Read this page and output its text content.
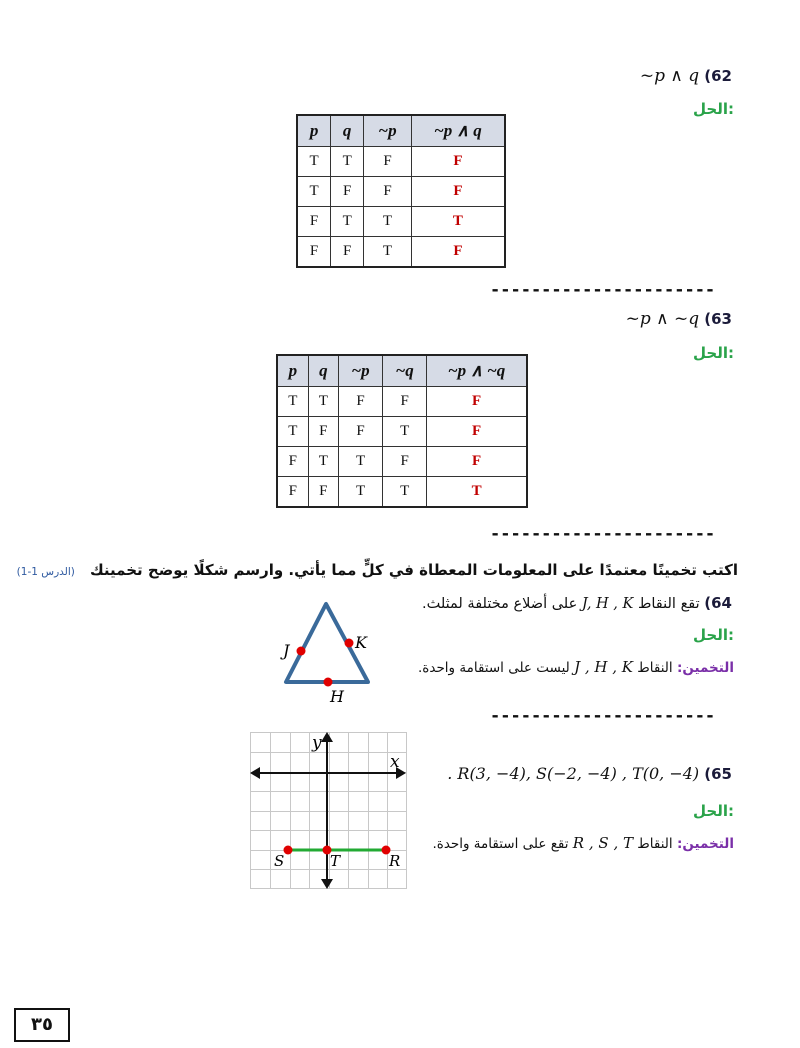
62) ~p ∧ q
الحل:
p	q	~p	~p ∧ q
T	T	F	F
T	F	F	F
F	T	T	T
F	F	T	F
----------------------
63) ~p ∧ ~q
الحل:
p	q	~p	~q	~p ∧ ~q
T	T	F	F	F
T	F	F	T	F
F	T	T	F	F
F	F	T	T	T
----------------------
اكتب تخمينًا معتمدًا على المعلومات المعطاة في كلٍّ مما يأتي. وارسم شكلًا يوضح تخمينك (الدرس 1-1)
64) تقع النقاط J, H , K على أضلاع مختلفة لمثلث.
الحل:
التخمين: النقاط J , H , K ليست على استقامة واحدة.
J	K
H
----------------------
65) R(3, −4), S(−2, −4) , T(0, −4) .
الحل:
التخمين: النقاط R , S , T تقع على استقامة واحدة.
x
y
S	T	R
٣٥
